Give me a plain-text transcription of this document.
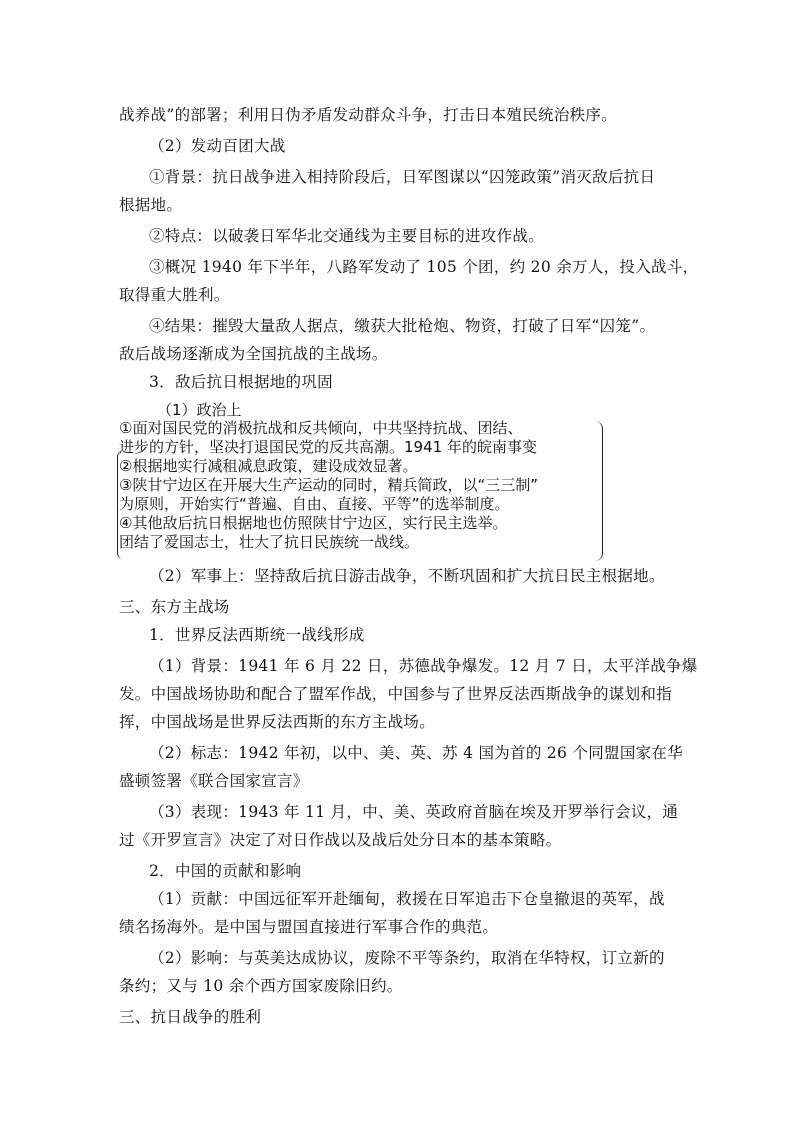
战养战”的部署；利用日伪矛盾发动群众斗争，打击日本殖民统治秩序。
（2）发动百团大战
①背景：抗日战争进入相持阶段后，日军图谋以“囚笼政策”消灭敌后抗日
根据地。
②特点：以破袭日军华北交通线为主要目标的进攻作战。
③概况 1940 年下半年，八路军发动了 105 个团，约 20 余万人，投入战斗，
取得重大胜利。
④结果：摧毁大量敌人据点，缴获大批枪炮、物资，打破了日军“囚笼”。
敌后战场逐渐成为全国抗战的主战场。
3．敌后抗日根据地的巩固
（1）政治上
①面对国民党的消极抗战和反共倾向，中共坚持抗战、团结、
进步的方针，坚决打退国民党的反共高潮。1941 年的皖南事变
②根据地实行减租减息政策，建设成效显著。
③陕甘宁边区在开展大生产运动的同时，精兵简政，以“三三制”
为原则，开始实行“普遍、自由、直接、平等”的选举制度。
④其他敌后抗日根据地也仿照陕甘宁边区，实行民主选举。
团结了爱国志士，壮大了抗日民族统一战线。
（2）军事上：坚持敌后抗日游击战争，不断巩固和扩大抗日民主根据地。
三、东方主战场
1．世界反法西斯统一战线形成
（1）背景：1941 年 6 月 22 日，苏德战争爆发。12 月 7 日，太平洋战争爆
发。中国战场协助和配合了盟军作战，中国参与了世界反法西斯战争的谋划和指
挥，中国战场是世界反法西斯的东方主战场。
（2）标志：1942 年初，以中、美、英、苏 4 国为首的 26 个同盟国家在华
盛顿签署《联合国家宣言》
（3）表现：1943 年 11 月，中、美、英政府首脑在埃及开罗举行会议，通
过《开罗宣言》决定了对日作战以及战后处分日本的基本策略。
2．中国的贡献和影响
（1）贡献：中国远征军开赴缅甸，救援在日军追击下仓皇撤退的英军，战
绩名扬海外。是中国与盟国直接进行军事合作的典范。
（2）影响：与英美达成协议，废除不平等条约，取消在华特权，订立新的
条约；又与 10 余个西方国家废除旧约。
三、抗日战争的胜利
